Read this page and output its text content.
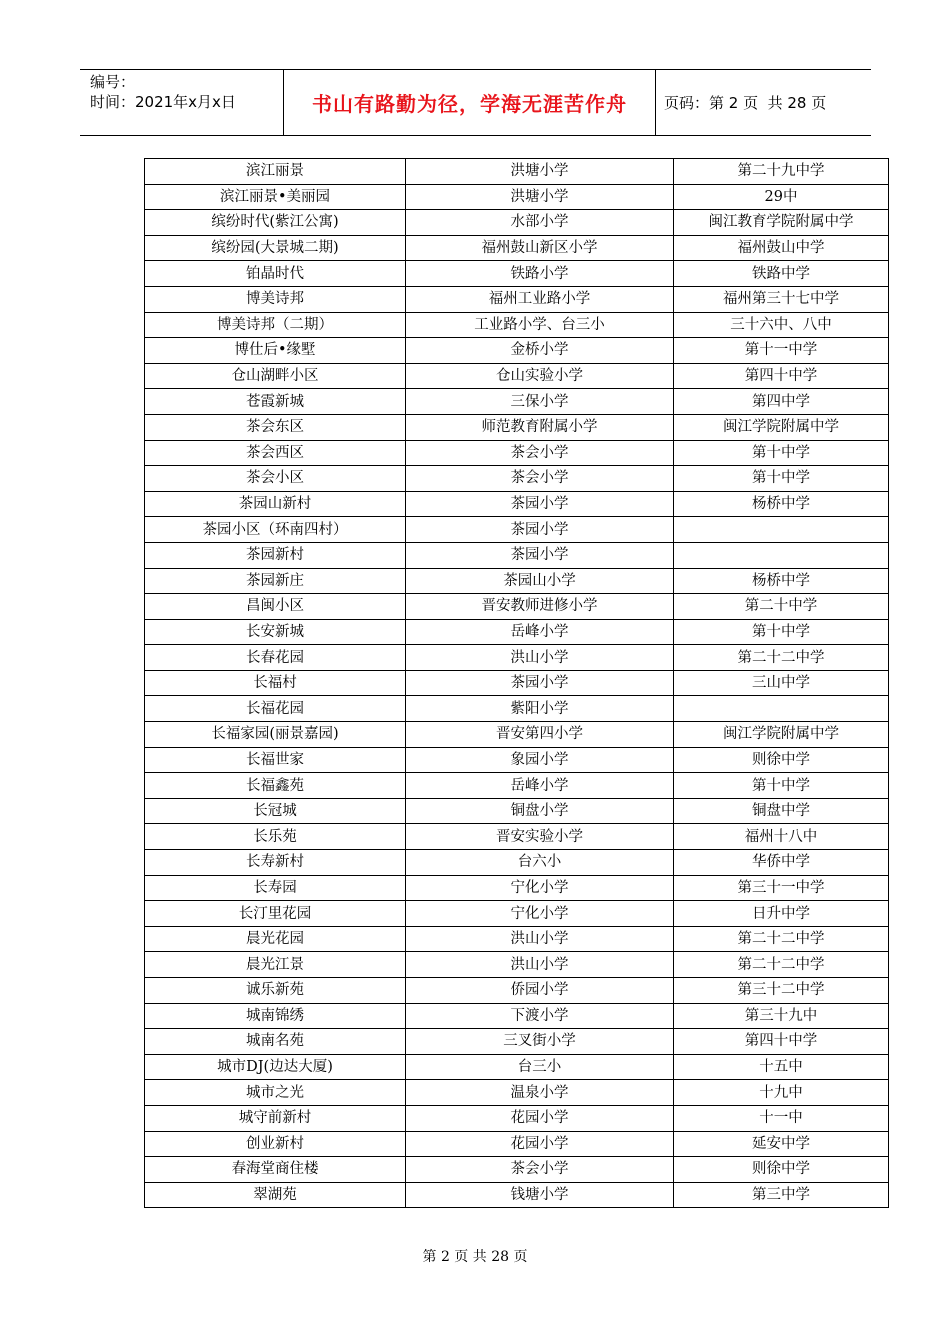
编号：
时间：2021年x月x日	书山有路勤为径，学海无涯苦作舟	页码：第 2 页  共 28 页
滨江丽景	洪塘小学	第二十九中学
滨江丽景•美丽园	洪塘小学	29中
缤纷时代(紫江公寓)	水部小学	闽江教育学院附属中学
缤纷园(大景城二期)	福州鼓山新区小学	福州鼓山中学
铂晶时代	铁路小学	铁路中学
博美诗邦	福州工业路小学	福州第三十七中学
博美诗邦（二期）	工业路小学、台三小	三十六中、八中
博仕后•缘墅	金桥小学	第十一中学
仓山湖畔小区	仓山实验小学	第四十中学
苍霞新城	三保小学	第四中学
茶会东区	师范教育附属小学	闽江学院附属中学
茶会西区	茶会小学	第十中学
茶会小区	茶会小学	第十中学
茶园山新村	茶园小学	杨桥中学
茶园小区（环南四村）	茶园小学	
茶园新村	茶园小学	
茶园新庄	茶园山小学	杨桥中学
昌闽小区	晋安教师进修小学	第二十中学
长安新城	岳峰小学	第十中学
长春花园	洪山小学	第二十二中学
长福村	茶园小学	三山中学
长福花园	紫阳小学	
长福家园(丽景嘉园)	晋安第四小学	闽江学院附属中学
长福世家	象园小学	则徐中学
长福鑫苑	岳峰小学	第十中学
长冠城	铜盘小学	铜盘中学
长乐苑	晋安实验小学	福州十八中
长寿新村	台六小	华侨中学
长寿园	宁化小学	第三十一中学
长汀里花园	宁化小学	日升中学
晨光花园	洪山小学	第二十二中学
晨光江景	洪山小学	第二十二中学
诚乐新苑	侨园小学	第三十二中学
城南锦绣	下渡小学	第三十九中
城南名苑	三叉街小学	第四十中学
城市DJ(边达大厦)	台三小	十五中
城市之光	温泉小学	十九中
城守前新村	花园小学	十一中
创业新村	花园小学	延安中学
春海堂商住楼	茶会小学	则徐中学
翠湖苑	钱塘小学	第三中学
第 2 页 共 28 页
